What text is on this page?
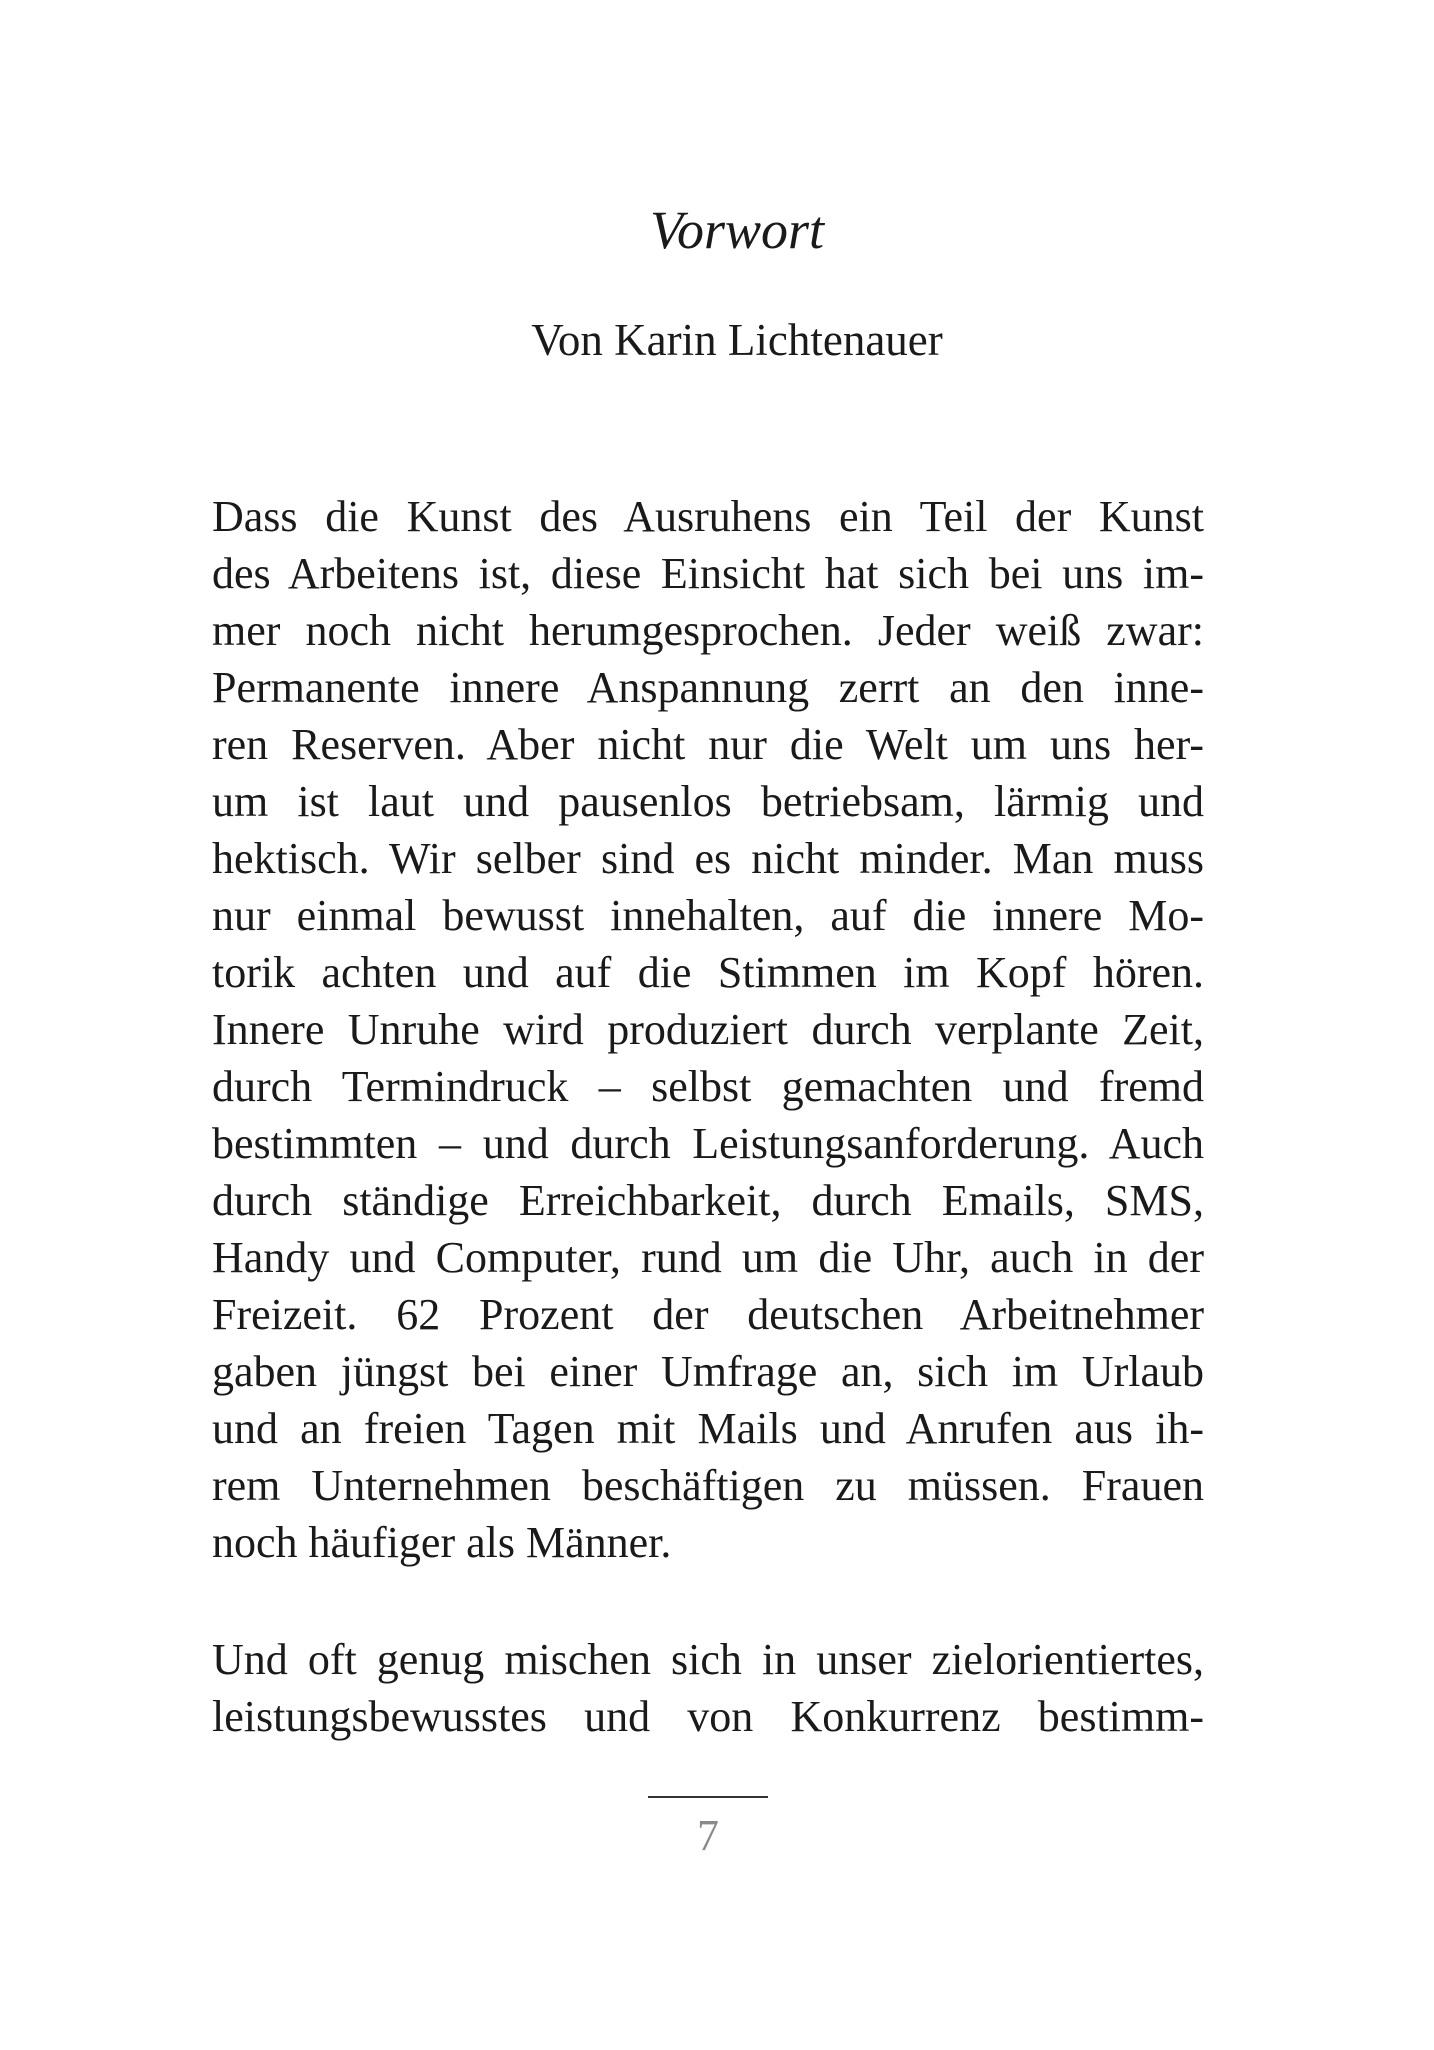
Vorwort
Von Karin Lichtenauer
Dass die Kunst des Ausruhens ein Teil der Kunst
des Arbeitens ist, diese Einsicht hat sich bei uns im-
mer noch nicht herumgesprochen. Jeder weiß zwar:
Permanente innere Anspannung zerrt an den inne-
ren Reserven. Aber nicht nur die Welt um uns her-
um ist laut und pausenlos betriebsam, lärmig und
hektisch. Wir selber sind es nicht minder. Man muss
nur einmal bewusst innehalten, auf die innere Mo-
torik achten und auf die Stimmen im Kopf hören.
Innere Unruhe wird produziert durch verplante Zeit,
durch Termindruck – selbst gemachten und fremd
bestimmten – und durch Leistungsanforderung. Auch
durch ständige Erreichbarkeit, durch Emails, SMS,
Handy und Computer, rund um die Uhr, auch in der
Freizeit. 62 Prozent der deutschen Arbeitnehmer
gaben jüngst bei einer Umfrage an, sich im Urlaub
und an freien Tagen mit Mails und Anrufen aus ih-
rem Unternehmen beschäftigen zu müssen. Frauen
noch häufiger als Männer.
Und oft genug mischen sich in unser zielorientiertes,
leistungsbewusstes und von Konkurrenz bestimm-
7
